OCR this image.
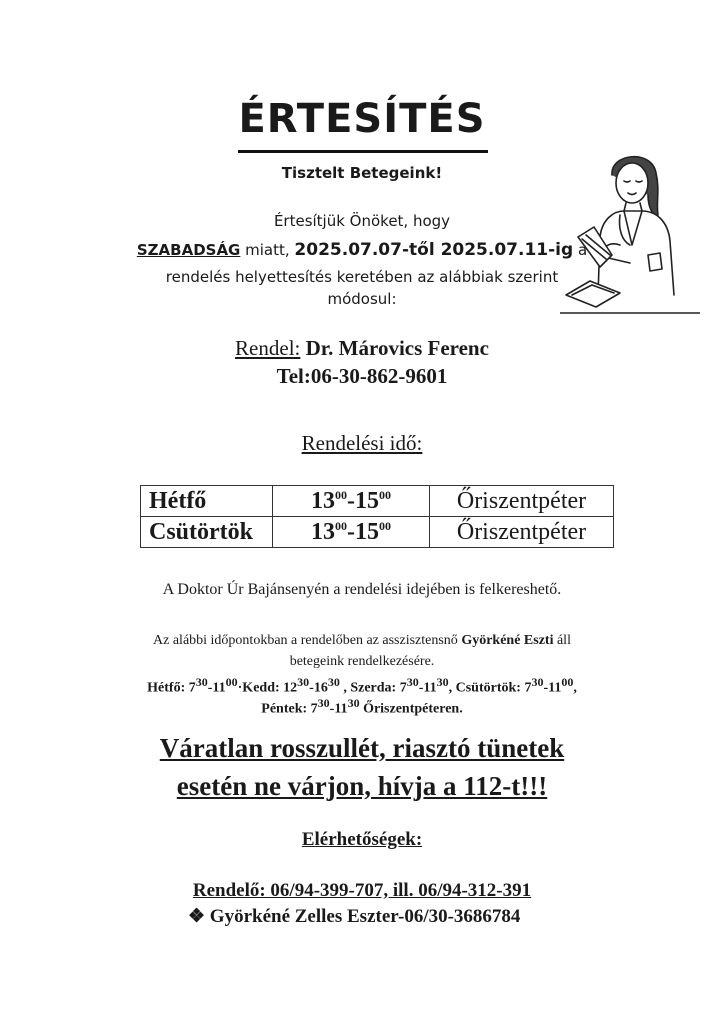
ÉRTESÍTÉS
Tisztelt Betegeink!
Értesítjük Önöket, hogy
SZABADSÁG miatt, 2025.07.07-től 2025.07.11-ig a
rendelés helyettesítés keretében az alábbiak szerint
módosul:
Rendel: Dr. Márovics Ferenc
Tel:06-30-862-9601
Rendelési idő:
Hétfő	$13^{00}-15^{00}$	Őriszentpéter
Csütörtök	$13^{00}-15^{00}$	Őriszentpéter
A Doktor Úr Bajánsenyén a rendelési idejében is felkereshető.
Az alábbi időpontokban a rendelőben az asszisztensnő Györkéné Eszti áll
betegeink rendelkezésére.
Hétfő: $7^{30}-11^{00}\cdot Kedd$: $12^{30}-16^{30}$ , Szerda: $7^{30}-11^{30}$, Csütörtök: $7^{30}-11^{00}$,
Péntek: $7^{30}-11^{30}$ Őriszentpéteren.
Váratlan rosszullét, riasztó tünetek
esetén ne várjon, hívja a 112-t!!!
Elérhetőségek:
Rendelő: 06/94-399-707, ill. 06/94-312-391
❖ Györkéné Zelles Eszter-06/30-3686784
